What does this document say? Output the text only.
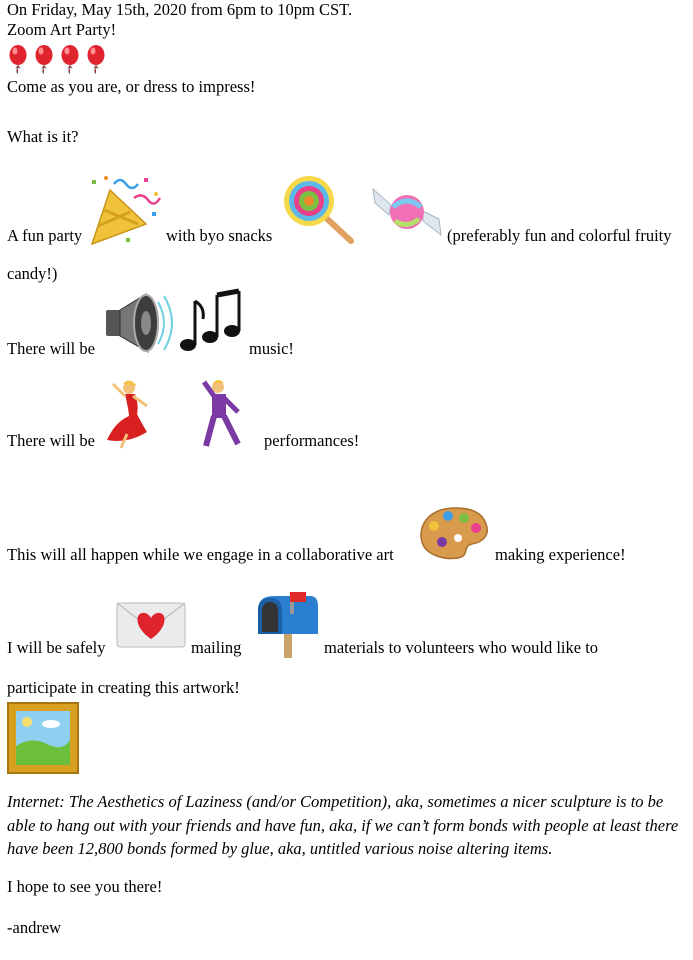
On Friday, May 15th, 2020 from 6pm to 10pm CST.
Zoom Art Party!
Come as you are, or dress to impress!
What is it?
A fun party	with byo snacks	(preferably fun and colorful fruity
candy!)
There will be	music!
There will be	performances!
This will all happen while we engage in a collaborative art	making experience!
I will be safely	mailing	materials to volunteers who would like to
participate in creating this artwork!
Internet: The Aesthetics of Laziness (and/or Competition), aka, sometimes a nicer sculpture is to be able to hang out with your friends and have fun, aka, if we can’t form bonds with people at least there have been 12,800 bonds formed by glue, aka, untitled various noise altering items.
I hope to see you there!
-andrew
